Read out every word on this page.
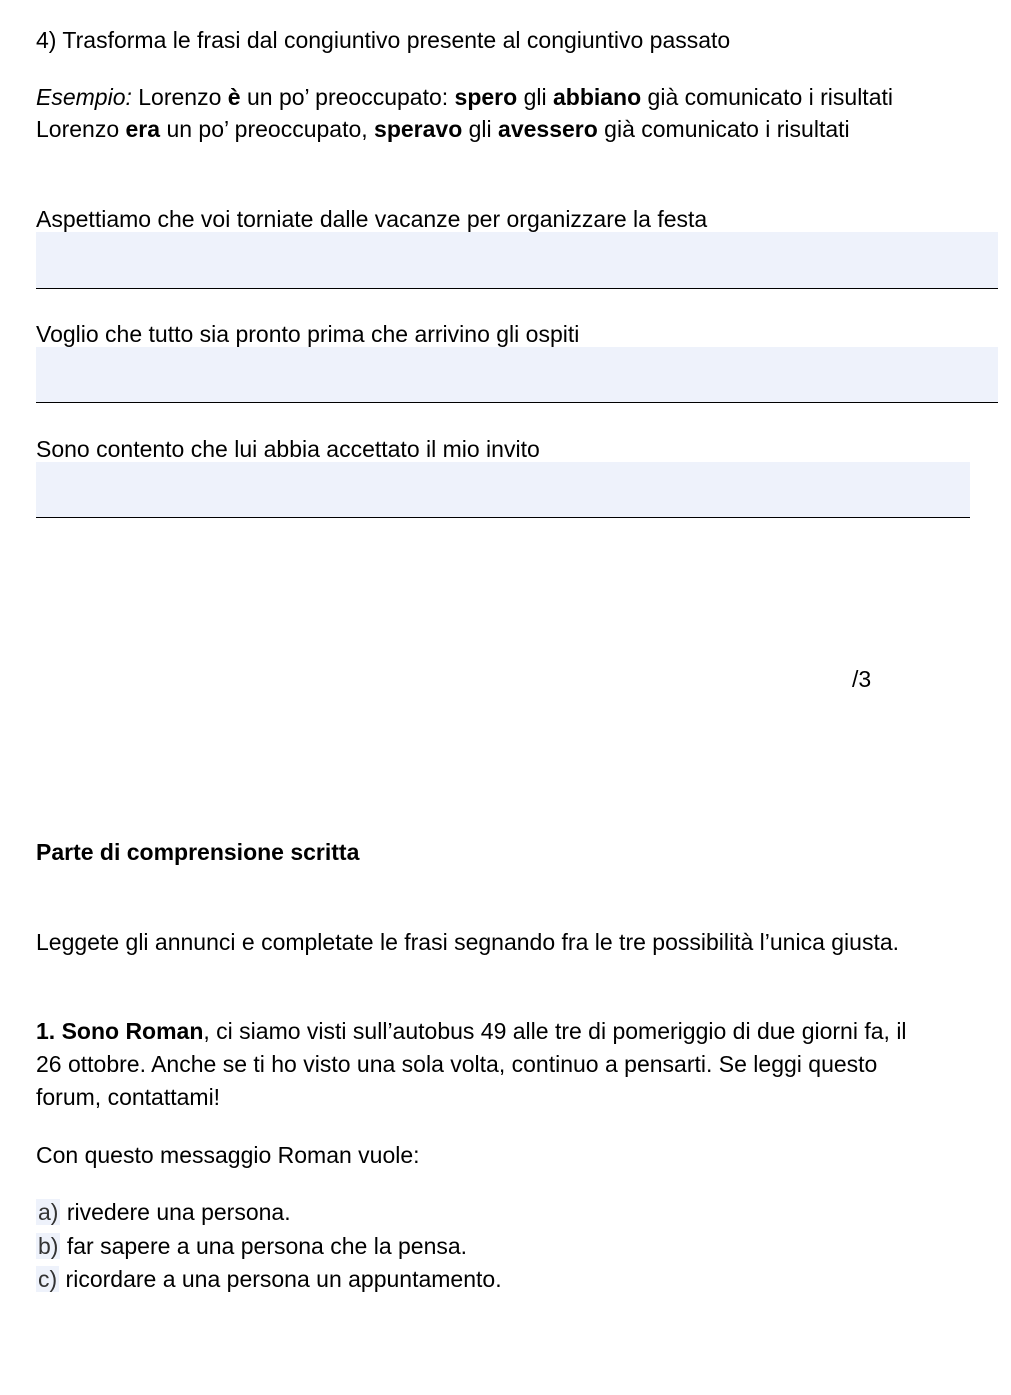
4) Trasforma le frasi dal congiuntivo presente al congiuntivo passato
Esempio: Lorenzo è un po’ preoccupato: spero gli abbiano già comunicato i risultati
Lorenzo era un po’ preoccupato, speravo gli avessero già comunicato i risultati
Aspettiamo che voi torniate dalle vacanze per organizzare la festa
Voglio che tutto sia pronto prima che arrivino gli ospiti
Sono contento che lui abbia accettato il mio invito
/3
Parte di comprensione scritta
Leggete gli annunci e completate le frasi segnando fra le tre possibilità l’unica giusta.
1. Sono Roman, ci siamo visti sull’autobus 49 alle tre di pomeriggio di due giorni fa, il
26 ottobre. Anche se ti ho visto una sola volta, continuo a pensarti. Se leggi questo
forum, contattami!
Con questo messaggio Roman vuole:
a) rivedere una persona.
b) far sapere a una persona che la pensa.
c) ricordare a una persona un appuntamento.
